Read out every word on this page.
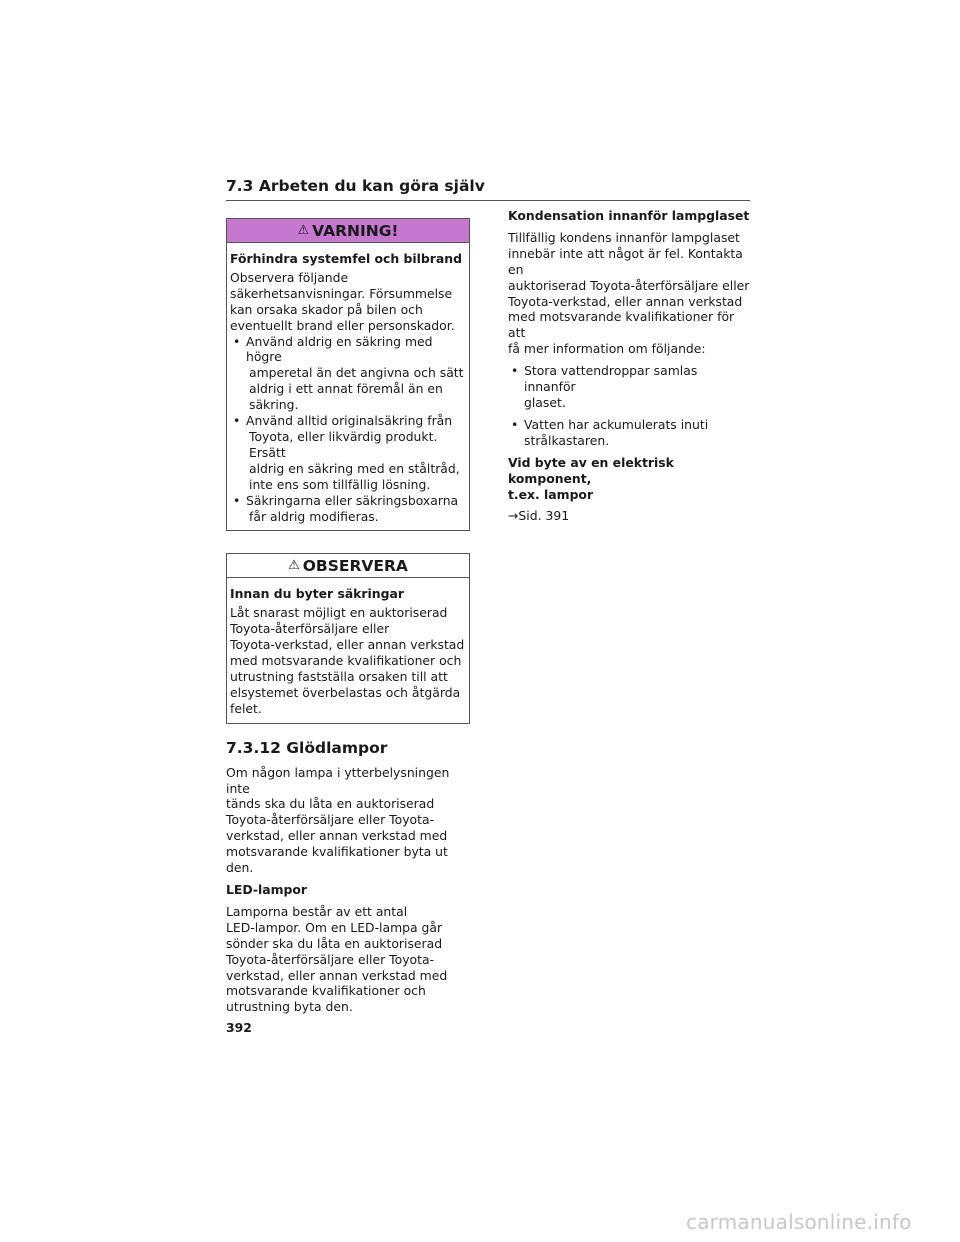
7.3 Arbeten du kan göra själv
⚠ VARNING!
Förhindra systemfel och bilbrand
Observera följande
säkerhetsanvisningar. Försummelse
kan orsaka skador på bilen och
eventuellt brand eller personskador.
• Använd aldrig en säkring med högre
amperetal än det angivna och sätt
aldrig i ett annat föremål än en
säkring.
• Använd alltid originalsäkring från
Toyota, eller likvärdig produkt. Ersätt
aldrig en säkring med en ståltråd,
inte ens som tillfällig lösning.
• Säkringarna eller säkringsboxarna
får aldrig modifieras.
⚠ OBSERVERA
Innan du byter säkringar
Låt snarast möjligt en auktoriserad
Toyota-återförsäljare eller
Toyota-verkstad, eller annan verkstad
med motsvarande kvalifikationer och
utrustning fastställa orsaken till att
elsystemet överbelastas och åtgärda
felet.
7.3.12 Glödlampor
Om någon lampa i ytterbelysningen inte
tänds ska du låta en auktoriserad
Toyota-återförsäljare eller Toyota-
verkstad, eller annan verkstad med
motsvarande kvalifikationer byta ut den.
LED-lampor
Lamporna består av ett antal
LED-lampor. Om en LED-lampa går
sönder ska du låta en auktoriserad
Toyota-återförsäljare eller Toyota-
verkstad, eller annan verkstad med
motsvarande kvalifikationer och
utrustning byta den.
Kondensation innanför lampglaset
Tillfällig kondens innanför lampglaset
innebär inte att något är fel. Kontakta en
auktoriserad Toyota-återförsäljare eller
Toyota-verkstad, eller annan verkstad
med motsvarande kvalifikationer för att
få mer information om följande:
• Stora vattendroppar samlas innanför
glaset.
• Vatten har ackumulerats inuti
strålkastaren.
Vid byte av en elektrisk komponent,
t.ex. lampor
→Sid. 391
392
carmanualsonline.info
